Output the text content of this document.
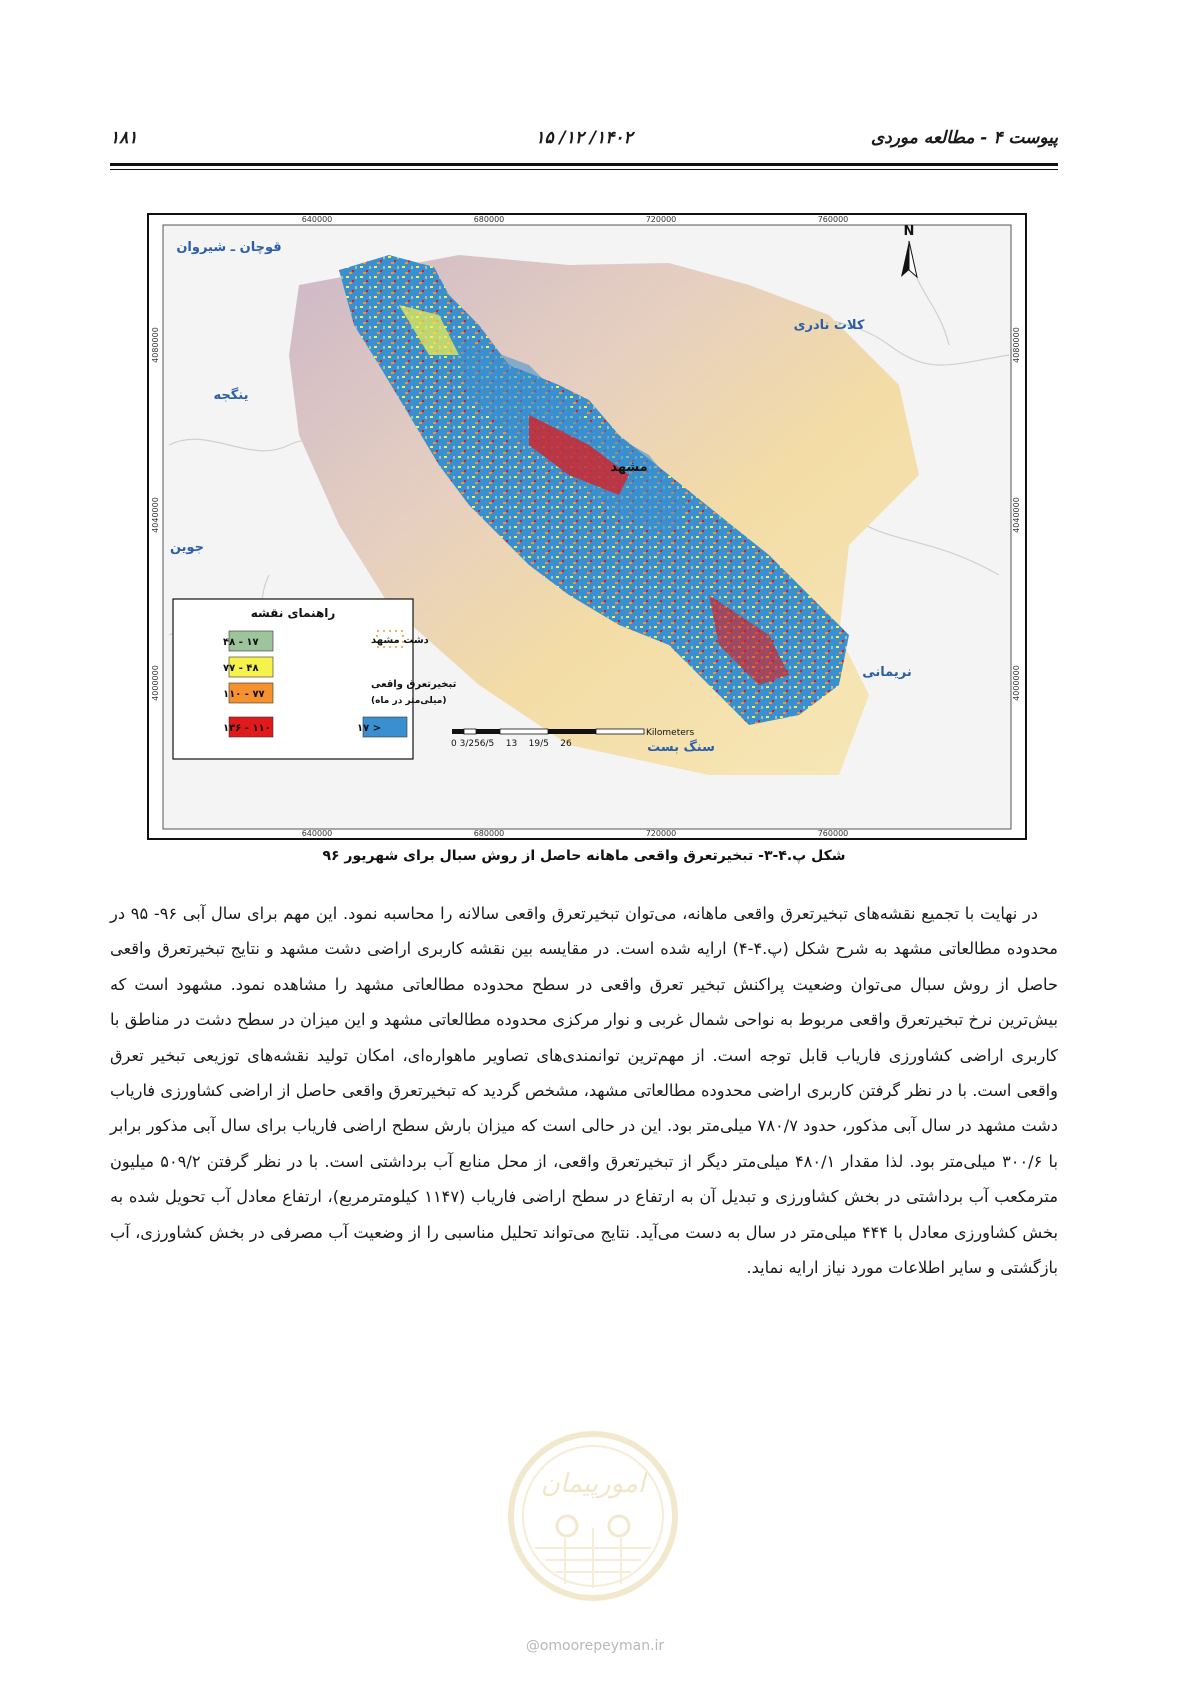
پیوست ۴ - مطالعه موردی
۱۴۰۲/ ۱۲/ ۱۵
۱۸۱
640000	680000	720000	760000
640000	680000	720000	760000
4080000
4040000
4000000
4080000
4040000
4000000
N
قوچان ـ شیروان
کلات نادری
ینگجه
جوین
نریمانی
سنگ بست
مشهد
Kilometers
0 3/256/5    13    19/5    26
راهنمای نقشه
دشت مشهد
تبخیرتعرق واقعی
(میلی‌متر در ماه)
۱۷ - ۴۸
۴۸ - ۷۷
۷۷ - ۱۱۰
۱۱۰ - ۱۳۶	< ۱۷
شکل پ.۴-۳- تبخیرتعرق واقعی ماهانه حاصل از روش سبال برای شهریور ۹۶

در نهایت با تجمیع نقشه‌های تبخیرتعرق واقعی ماهانه، می‌توان تبخیرتعرق واقعی سالانه را محاسبه نمود. این مهم برای سال آبی ۹۶- ۹۵ در محدوده مطالعاتی مشهد به شرح شکل (پ.۴-۴) ارایه شده است. در مقایسه بین نقشه کاربری اراضی دشت مشهد و نتایج تبخیرتعرق واقعی حاصل از روش سبال می‌توان وضعیت پراکنش تبخیر تعرق واقعی در سطح محدوده مطالعاتی مشهد را مشاهده نمود. مشهود است که بیش‌ترین نرخ تبخیرتعرق واقعی مربوط به نواحی شمال غربی و نوار مرکزی محدوده مطالعاتی مشهد و این میزان در سطح دشت در مناطق با کاربری اراضی کشاورزی فاریاب قابل توجه است. از مهم‌ترین توانمندی‌های تصاویر ماهواره‌ای، امکان تولید نقشه‌های توزیعی تبخیر تعرق واقعی است. با در نظر گرفتن کاربری اراضی محدوده مطالعاتی مشهد، مشخص گردید که تبخیرتعرق واقعی حاصل از اراضی کشاورزی فاریاب دشت مشهد در سال آبی مذکور، حدود ۷۸۰/۷ میلی‌متر بود. این در حالی است که میزان بارش سطح اراضی فاریاب برای سال آبی مذکور برابر با ۳۰۰/۶ میلی‌متر بود. لذا مقدار ۴۸۰/۱ میلی‌متر دیگر از تبخیرتعرق واقعی، از محل منابع آب برداشتی است. با در نظر گرفتن ۵۰۹/۲ میلیون مترمکعب آب برداشتی در بخش کشاورزی و تبدیل آن به ارتفاع در سطح اراضی فاریاب (۱۱۴۷ کیلومترمربع)، ارتفاع معادل آب تحویل شده به بخش کشاورزی معادل با ۴۴۴ میلی‌متر در سال به دست می‌آید. نتایج می‌تواند تحلیل مناسبی را از وضعیت آب مصرفی در بخش کشاورزی، آب بازگشتی و سایر اطلاعات مورد نیاز ارایه نماید.

امورپیمان
@omoorepeyman.ir
